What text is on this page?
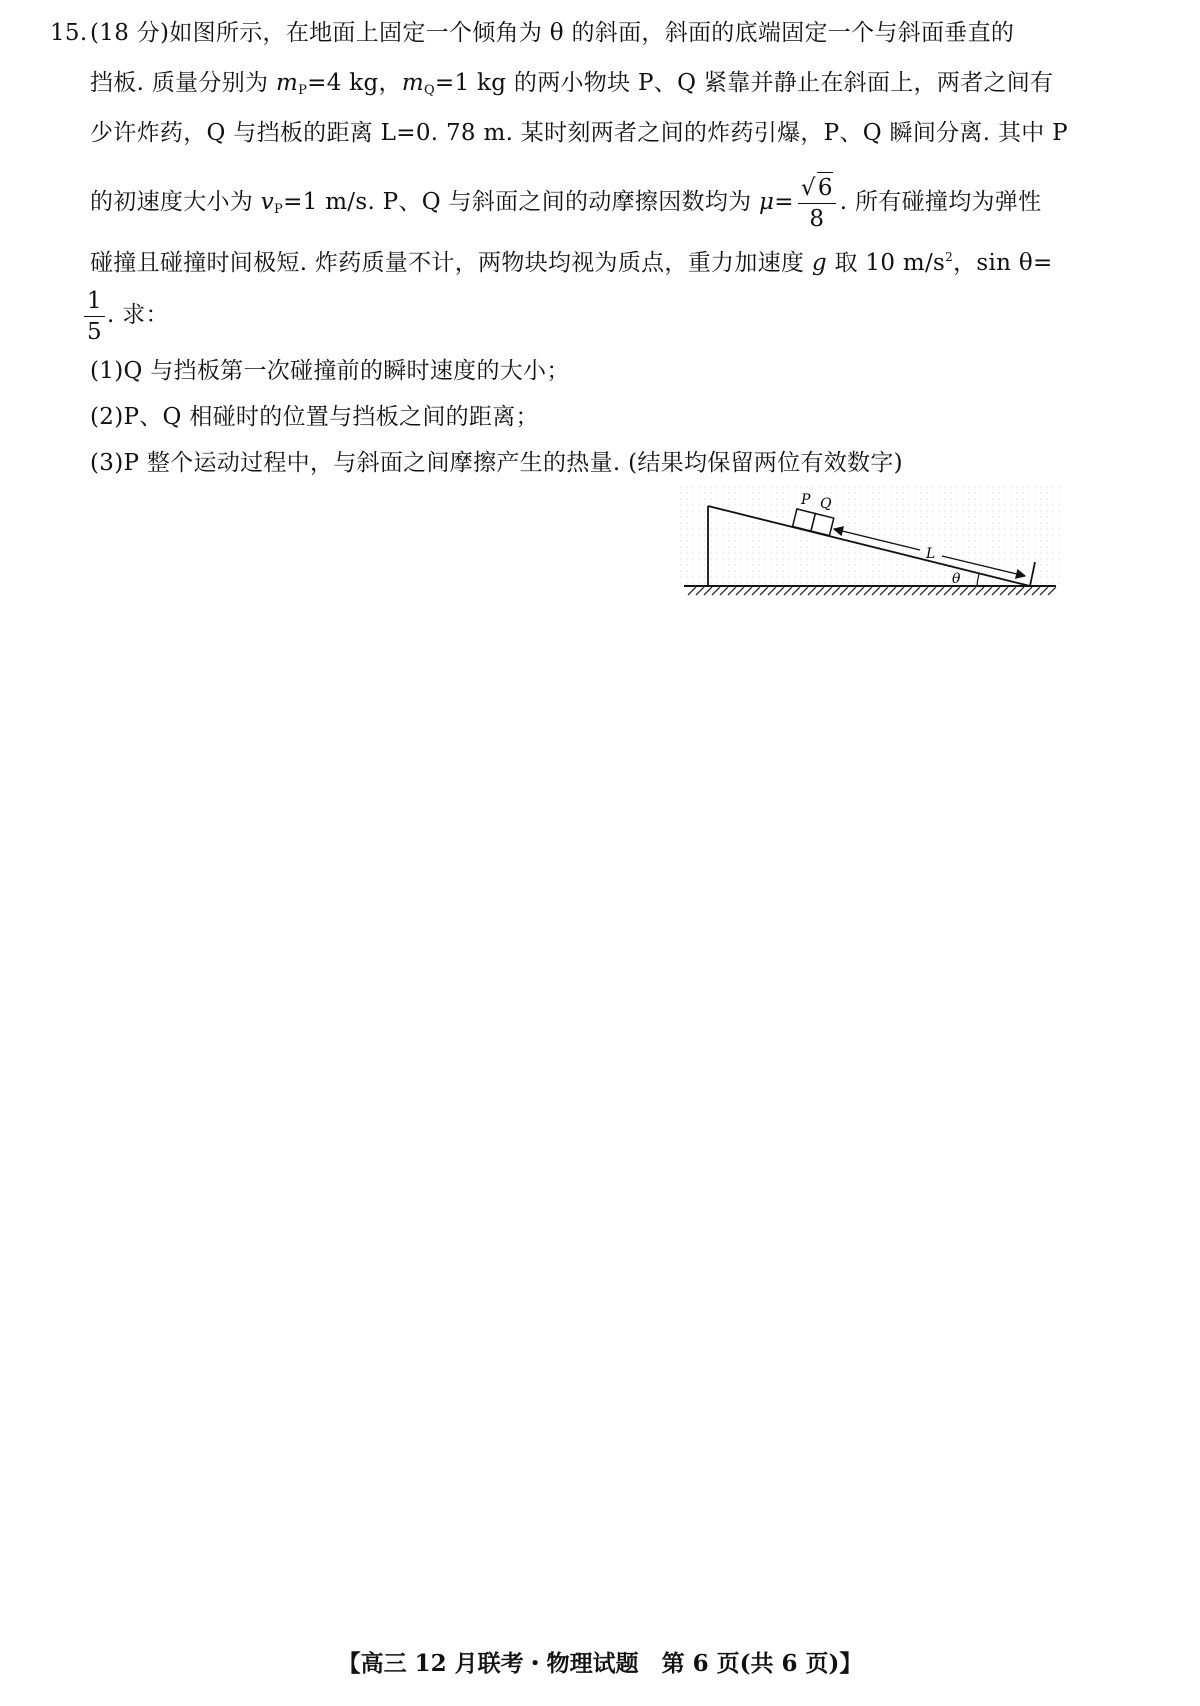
15. (18 分)如图所示，在地面上固定一个倾角为 θ 的斜面，斜面的底端固定一个与斜面垂直的
挡板. 质量分别为 $m_P=4$ kg，$m_Q=1$ kg 的两小物块 P、Q 紧靠并静止在斜面上，两者之间有
少许炸药，Q 与挡板的距离 L=0. 78 m. 某时刻两者之间的炸药引爆，P、Q 瞬间分离. 其中 P
的初速度大小为 $v_P=1$ m/s. P、Q 与斜面之间的动摩擦因数均为 $\mu= \frac{√6}{8}$ . 所有碰撞均为弹性
碰撞且碰撞时间极短. 炸药质量不计，两物块均视为质点，重力加速度 g 取 10 $m/s^2$，sin θ=
$\frac{1}{5}$ . 求：
(1)Q 与挡板第一次碰撞前的瞬时速度的大小；
(2)P、Q 相碰时的位置与挡板之间的距离；
(3)P 整个运动过程中，与斜面之间摩擦产生的热量. (结果均保留两位有效数字)
P Q
L
θ
【高三 12 月联考・物理试题　第 6 页(共 6 页)】
